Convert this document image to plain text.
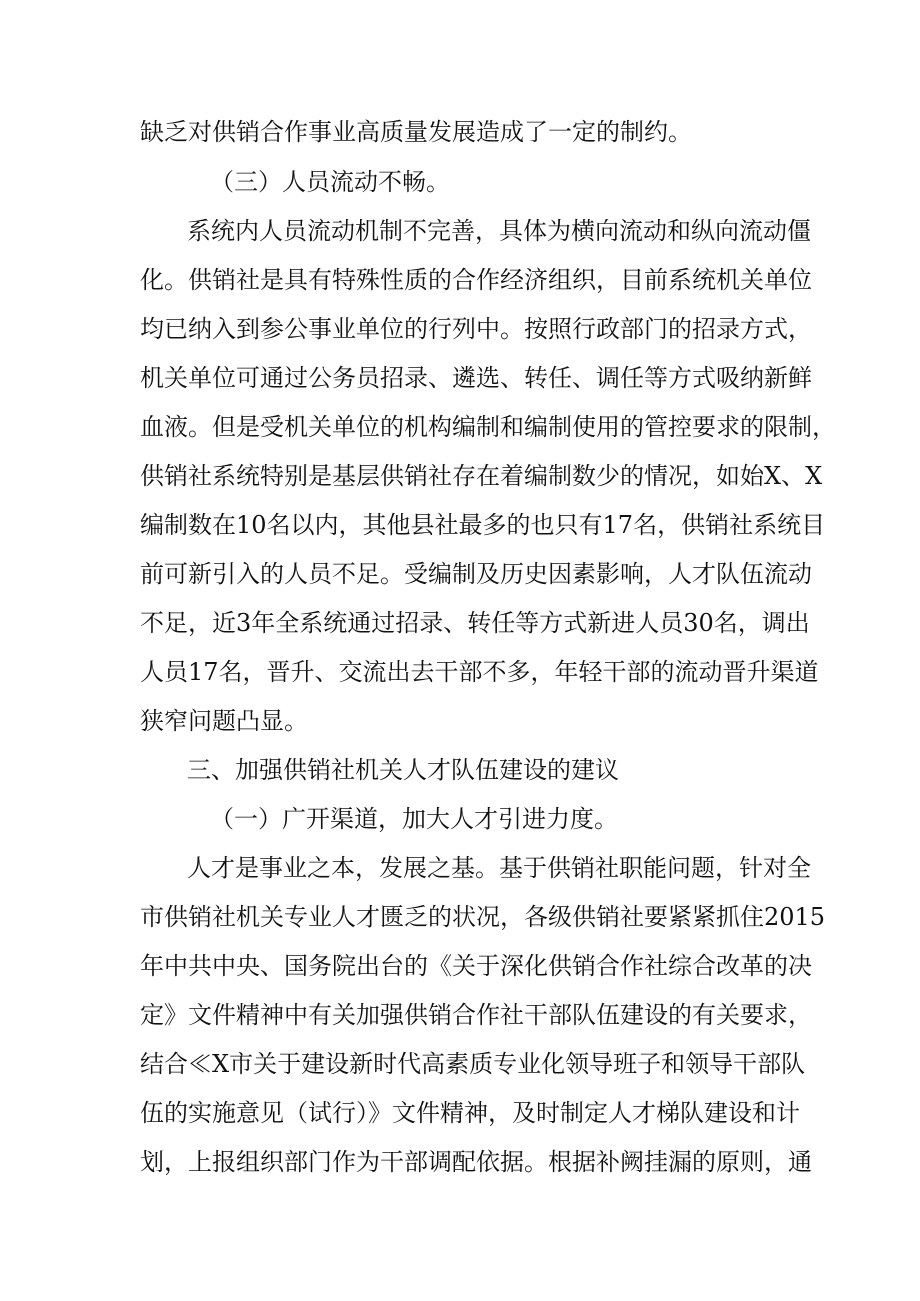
缺乏对供销合作事业高质量发展造成了一定的制约。
（三）人员流动不畅。
系统内人员流动机制不完善，具体为横向流动和纵向流动僵
化。供销社是具有特殊性质的合作经济组织，目前系统机关单位
均已纳入到参公事业单位的行列中。按照行政部门的招录方式，
机关单位可通过公务员招录、遴选、转任、调任等方式吸纳新鲜
血液。但是受机关单位的机构编制和编制使用的管控要求的限制，
供销社系统特别是基层供销社存在着编制数少的情况，如始X、X
编制数在10名以内，其他县社最多的也只有17名，供销社系统目
前可新引入的人员不足。受编制及历史因素影响，人才队伍流动
不足，近3年全系统通过招录、转任等方式新进人员30名，调出
人员17名，晋升、交流出去干部不多，年轻干部的流动晋升渠道
狭窄问题凸显。
三、加强供销社机关人才队伍建设的建议
（一）广开渠道，加大人才引进力度。
人才是事业之本，发展之基。基于供销社职能问题，针对全
市供销社机关专业人才匮乏的状况，各级供销社要紧紧抓住2015
年中共中央、国务院出台的《关于深化供销合作社综合改革的决
定》文件精神中有关加强供销合作社干部队伍建设的有关要求，
结合≪X市关于建设新时代高素质专业化领导班子和领导干部队
伍的实施意见（试行）》文件精神，及时制定人才梯队建设和计
划，上报组织部门作为干部调配依据。根据补阙挂漏的原则，通
